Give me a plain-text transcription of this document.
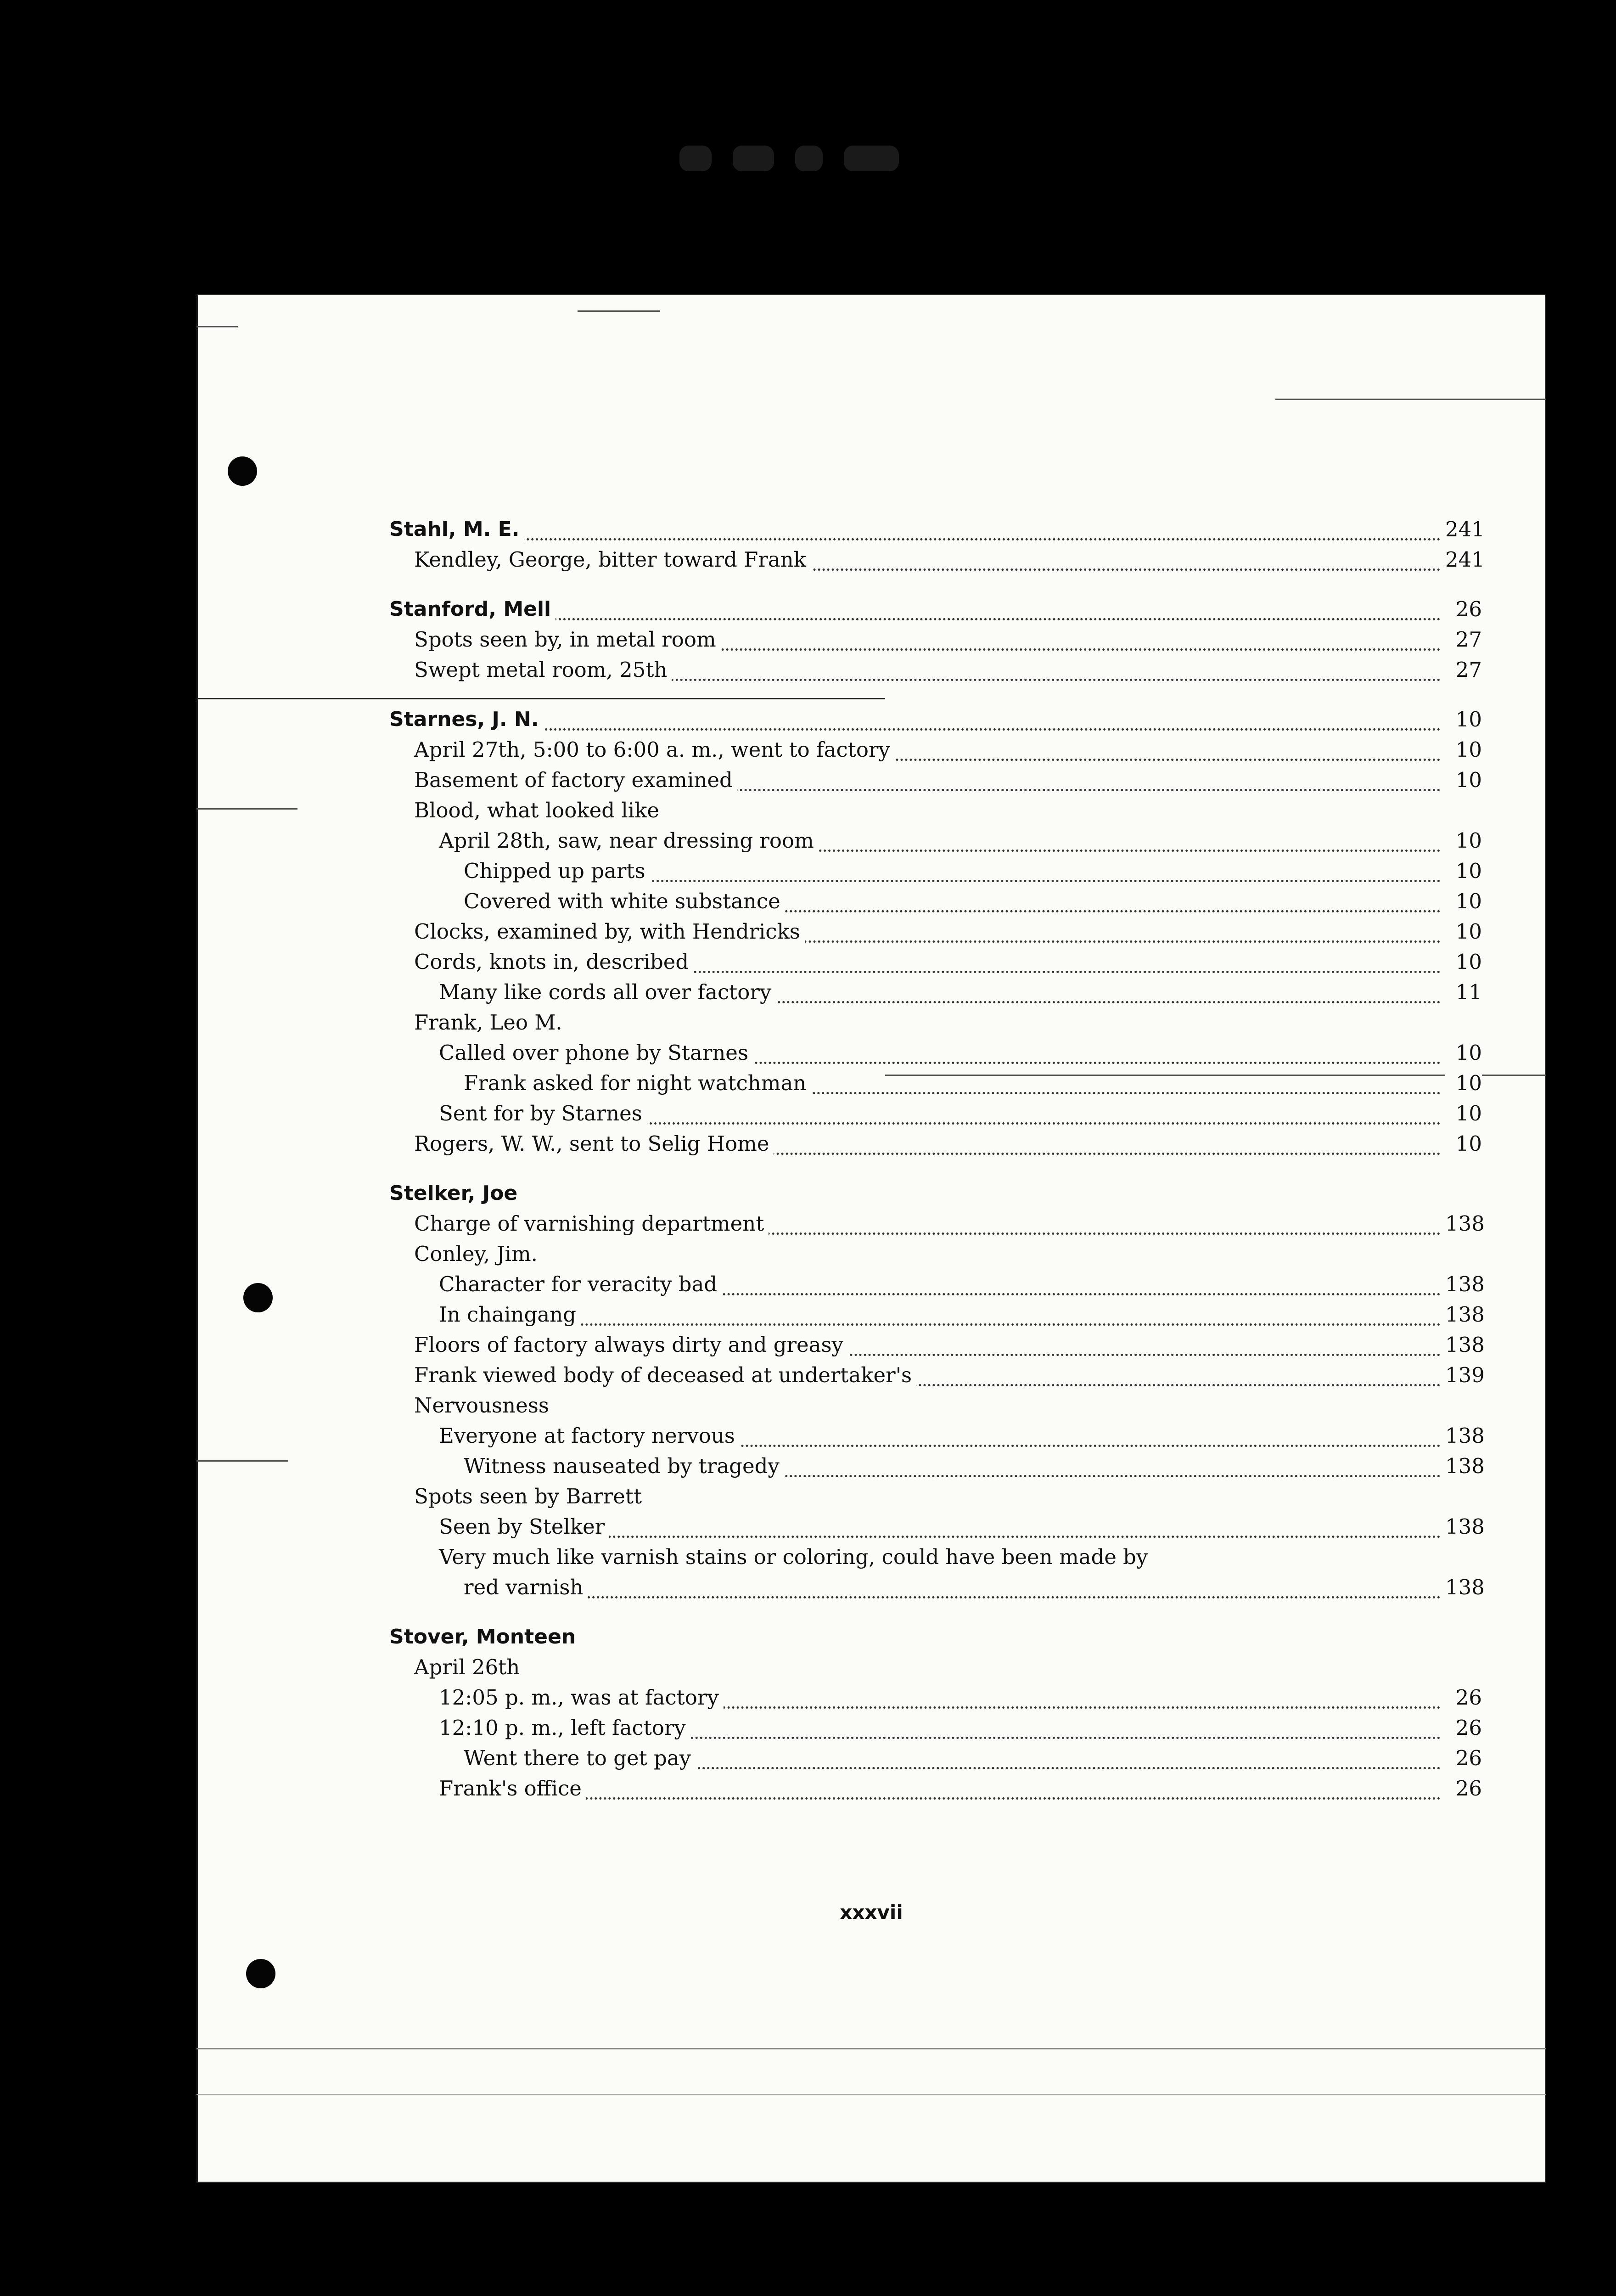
Stahl, M. E.	241
Kendley, George, bitter toward Frank	241
Stanford, Mell	26
Spots seen by, in metal room	27
Swept metal room, 25th	27
Starnes, J. N.	10
April 27th, 5:00 to 6:00 a. m., went to factory	10
Basement of factory examined	10
Blood, what looked like
April 28th, saw, near dressing room	10
Chipped up parts	10
Covered with white substance	10
Clocks, examined by, with Hendricks	10
Cords, knots in, described	10
Many like cords all over factory	11
Frank, Leo M.
Called over phone by Starnes	10
Frank asked for night watchman	10
Sent for by Starnes	10
Rogers, W. W., sent to Selig Home	10
Stelker, Joe
Charge of varnishing department	138
Conley, Jim.
Character for veracity bad	138
In chaingang	138
Floors of factory always dirty and greasy	138
Frank viewed body of deceased at undertaker's	139
Nervousness
Everyone at factory nervous	138
Witness nauseated by tragedy	138
Spots seen by Barrett
Seen by Stelker	138
Very much like varnish stains or coloring, could have been made by
red varnish	138
Stover, Monteen
April 26th
12:05 p. m., was at factory	26
12:10 p. m., left factory	26
Went there to get pay	26
Frank's office	26
xxxvii
